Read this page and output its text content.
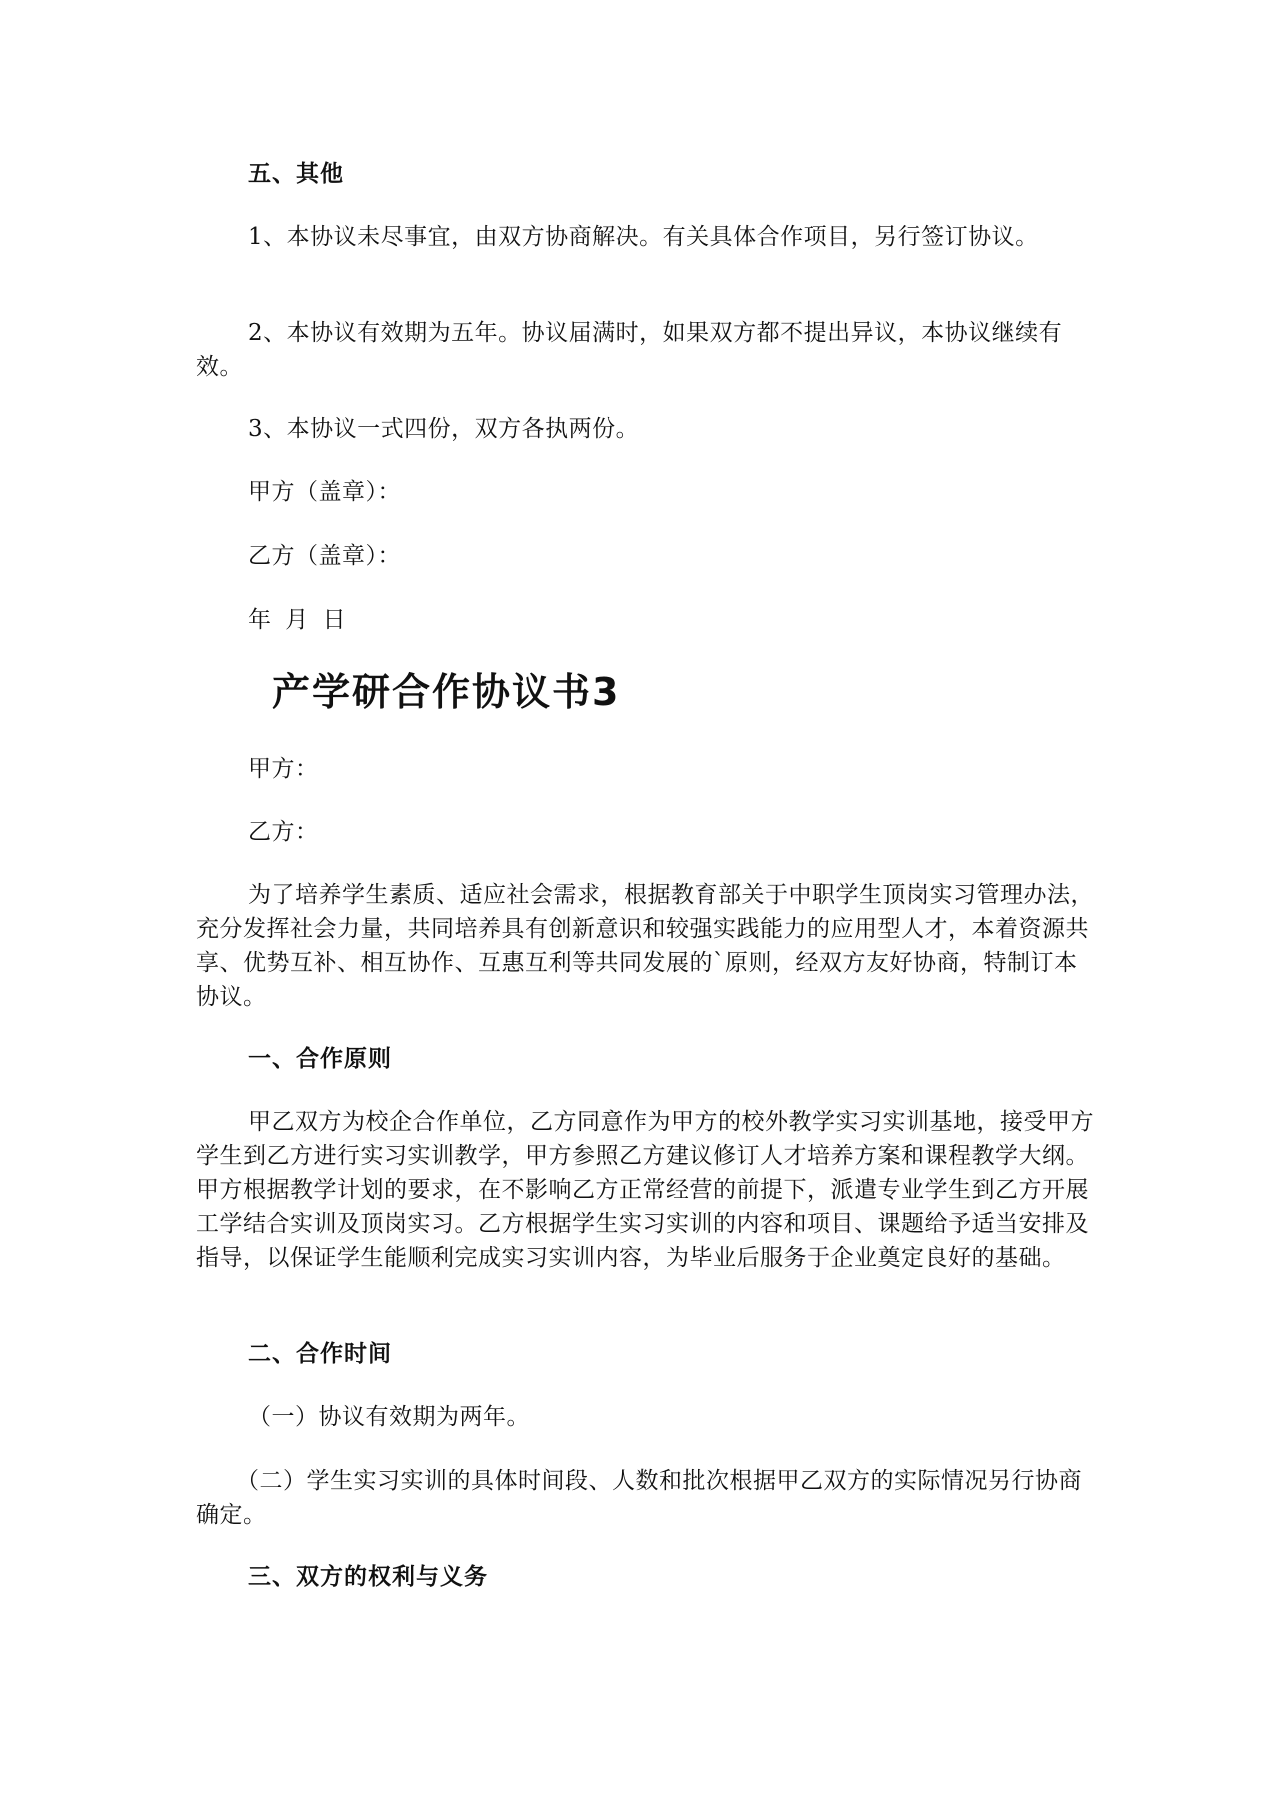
五、其他

1、本协议未尽事宜，由双方协商解决。有关具体合作项目，另行签订协议。

2、本协议有效期为五年。协议届满时，如果双方都不提出异议，本协议继续有效。

3、本协议一式四份，双方各执两份。

甲方（盖章）：

乙方（盖章）：

年 月 日

产学研合作协议书3

甲方：

乙方：

为了培养学生素质、适应社会需求，根据教育部关于中职学生顶岗实习管理办法，充分发挥社会力量，共同培养具有创新意识和较强实践能力的应用型人才，本着资源共享、优势互补、相互协作、互惠互利等共同发展的`原则，经双方友好协商，特制订本协议。

一、合作原则

甲乙双方为校企合作单位，乙方同意作为甲方的校外教学实习实训基地，接受甲方学生到乙方进行实习实训教学，甲方参照乙方建议修订人才培养方案和课程教学大纲。甲方根据教学计划的要求，在不影响乙方正常经营的前提下，派遣专业学生到乙方开展工学结合实训及顶岗实习。乙方根据学生实习实训的内容和项目、课题给予适当安排及指导，以保证学生能顺利完成实习实训内容，为毕业后服务于企业奠定良好的基础。

二、合作时间

（一）协议有效期为两年。

（二）学生实习实训的具体时间段、人数和批次根据甲乙双方的实际情况另行协商确定。

三、双方的权利与义务
